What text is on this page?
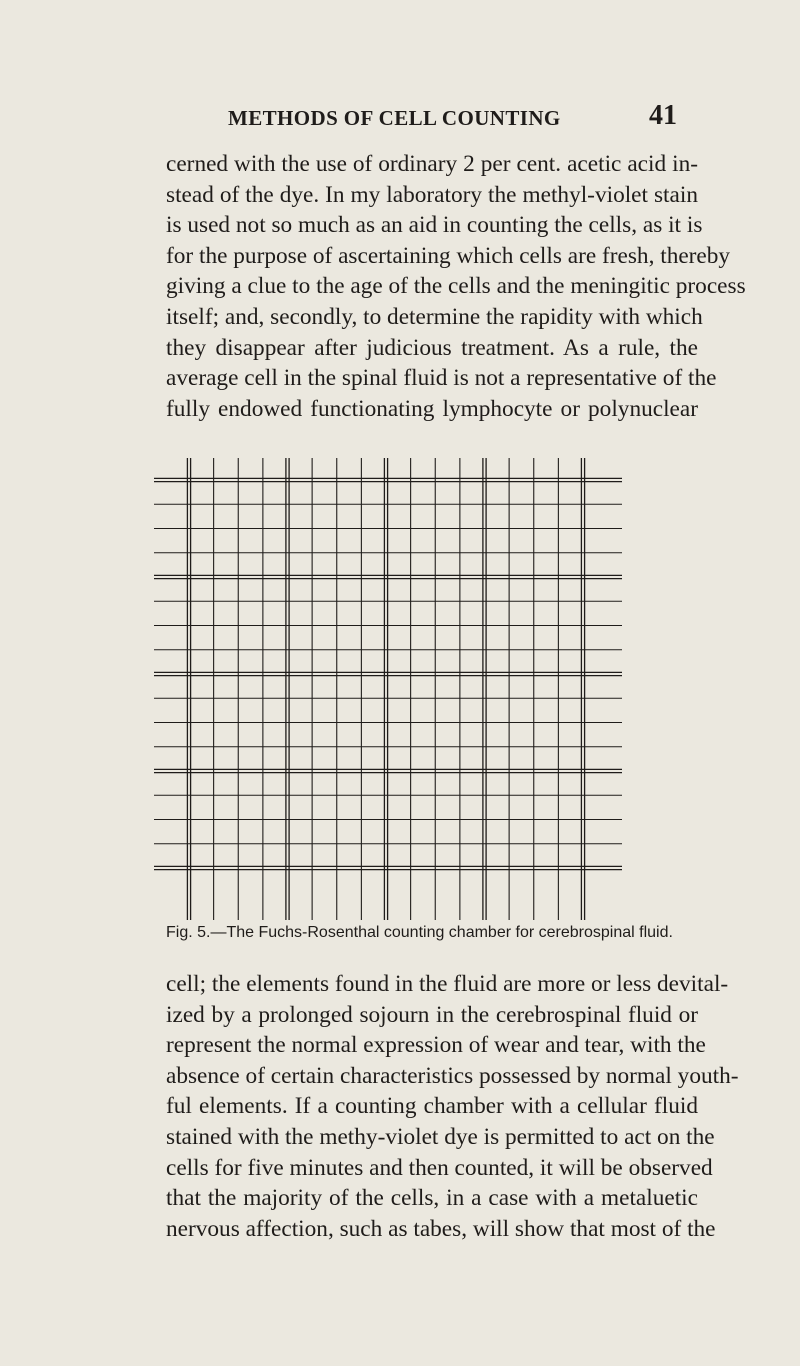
METHODS OF CELL COUNTING	41
cerned with the use of ordinary 2 per cent. acetic acid in-
stead of the dye. In my laboratory the methyl-violet stain
is used not so much as an aid in counting the cells, as it is
for the purpose of ascertaining which cells are fresh, thereby
giving a clue to the age of the cells and the meningitic process
itself; and, secondly, to determine the rapidity with which
they disappear after judicious treatment. As a rule, the
average cell in the spinal fluid is not a representative of the
fully endowed functionating lymphocyte or polynuclear
Fig. 5.—The Fuchs-Rosenthal counting chamber for cerebrospinal fluid.
cell; the elements found in the fluid are more or less devital-
ized by a prolonged sojourn in the cerebrospinal fluid or
represent the normal expression of wear and tear, with the
absence of certain characteristics possessed by normal youth-
ful elements. If a counting chamber with a cellular fluid
stained with the methy-violet dye is permitted to act on the
cells for five minutes and then counted, it will be observed
that the majority of the cells, in a case with a metaluetic
nervous affection, such as tabes, will show that most of the
